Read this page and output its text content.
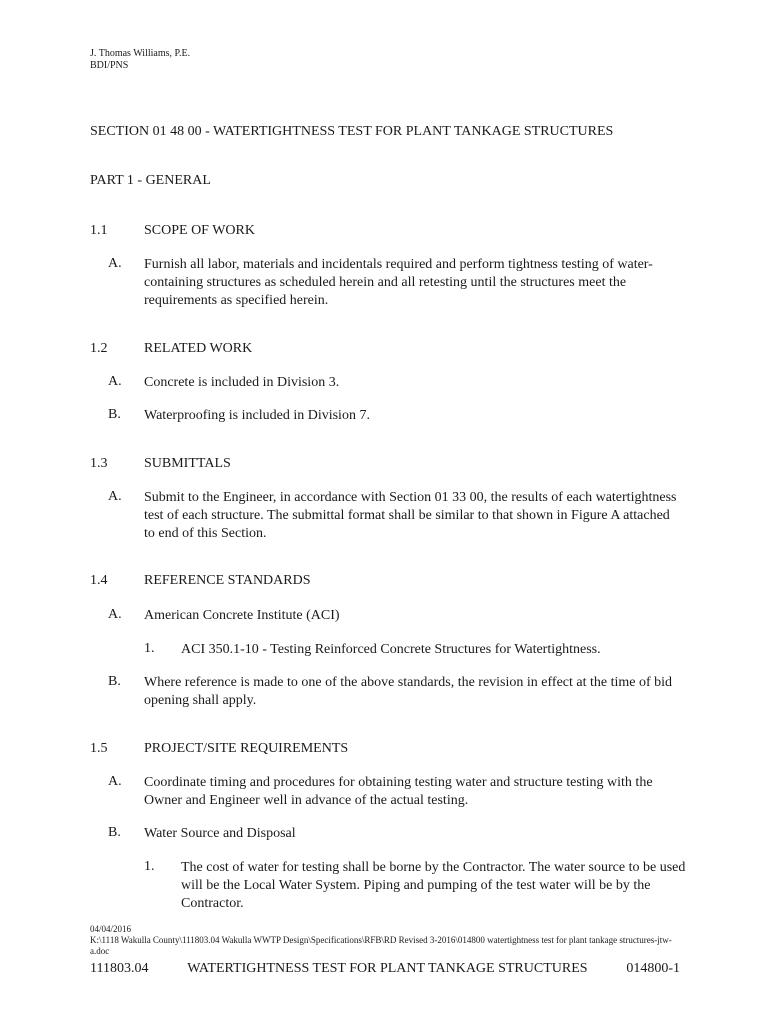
J. Thomas Williams, P.E.
BDI/PNS
SECTION 01 48 00 - WATERTIGHTNESS TEST FOR PLANT TANKAGE STRUCTURES
PART 1 - GENERAL
1.1	SCOPE OF WORK
A. Furnish all labor, materials and incidentals required and perform tightness testing of water-containing structures as scheduled herein and all retesting until the structures meet the requirements as specified herein.
1.2	RELATED WORK
A. Concrete is included in Division 3.
B. Waterproofing is included in Division 7.
1.3	SUBMITTALS
A. Submit to the Engineer, in accordance with Section 01 33 00, the results of each watertightness test of each structure. The submittal format shall be similar to that shown in Figure A attached to end of this Section.
1.4	REFERENCE STANDARDS
A. American Concrete Institute (ACI)
1. ACI 350.1-10 - Testing Reinforced Concrete Structures for Watertightness.
B. Where reference is made to one of the above standards, the revision in effect at the time of bid opening shall apply.
1.5	PROJECT/SITE REQUIREMENTS
A. Coordinate timing and procedures for obtaining testing water and structure testing with the Owner and Engineer well in advance of the actual testing.
B. Water Source and Disposal
1. The cost of water for testing shall be borne by the Contractor. The water source to be used will be the Local Water System. Piping and pumping of the test water will be by the Contractor.
04/04/2016
K:\1118 Wakulla County\111803.04 Wakulla WWTP Design\Specifications\RFB\RD Revised 3-2016\014800 watertightness test for plant tankage structures-jtw-a.doc
111803.04	WATERTIGHTNESS TEST FOR PLANT TANKAGE STRUCTURES	014800-1
